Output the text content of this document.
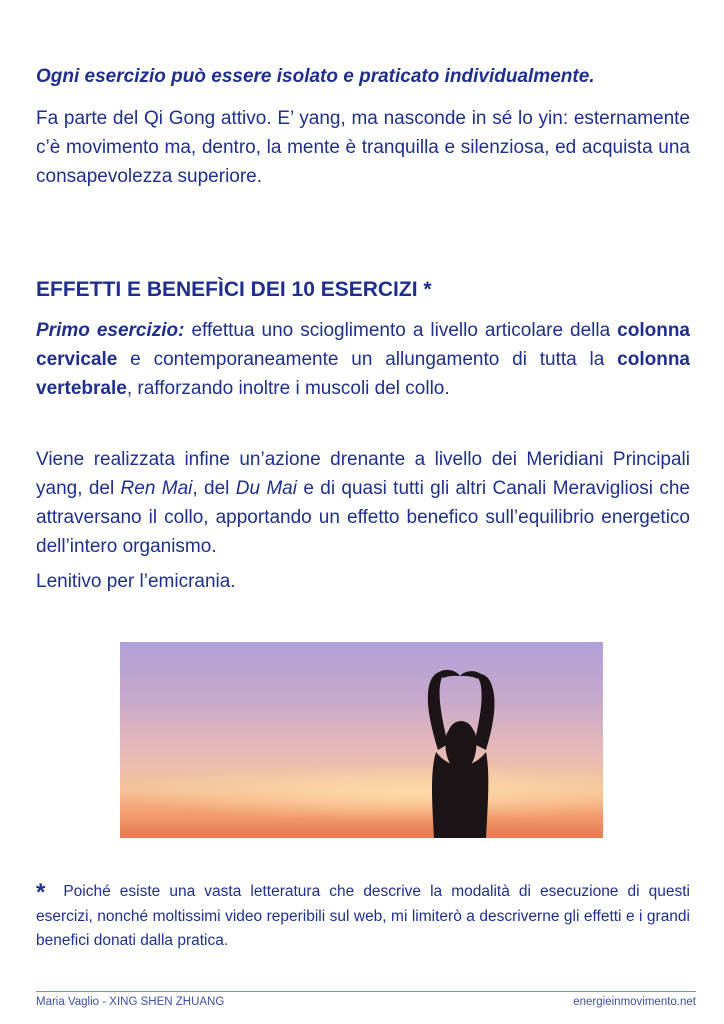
Ogni esercizio può essere isolato e praticato individualmente.
Fa parte del Qi Gong attivo. E’ yang, ma nasconde in sé lo yin: esternamente c’è movimento ma, dentro, la mente è tranquilla e silenziosa, ed acquista una consapevolezza superiore.
EFFETTI E BENEFÌCI DEI 10 ESERCIZI *
Primo esercizio: effettua uno scioglimento a livello articolare della colonna cervicale e contemporaneamente un allungamento di tutta la colonna vertebrale, rafforzando inoltre i muscoli del collo.
Viene realizzata infine un’azione drenante a livello dei Meridiani Principali yang, del Ren Mai, del Du Mai e di quasi tutti gli altri Canali Meravigliosi che attraversano il collo, apportando un effetto benefico sull’equilibrio energetico dell’intero organismo.
Lenitivo per l’emicrania.
* Poiché esiste una vasta letteratura che descrive la modalità di esecuzione di questi esercizi, nonché moltissimi video reperibili sul web, mi limiterò a descriverne gli effetti e i grandi benefici donati dalla pratica.
Maria Vaglio - XING SHEN ZHUANG	energieinmovimento.net
